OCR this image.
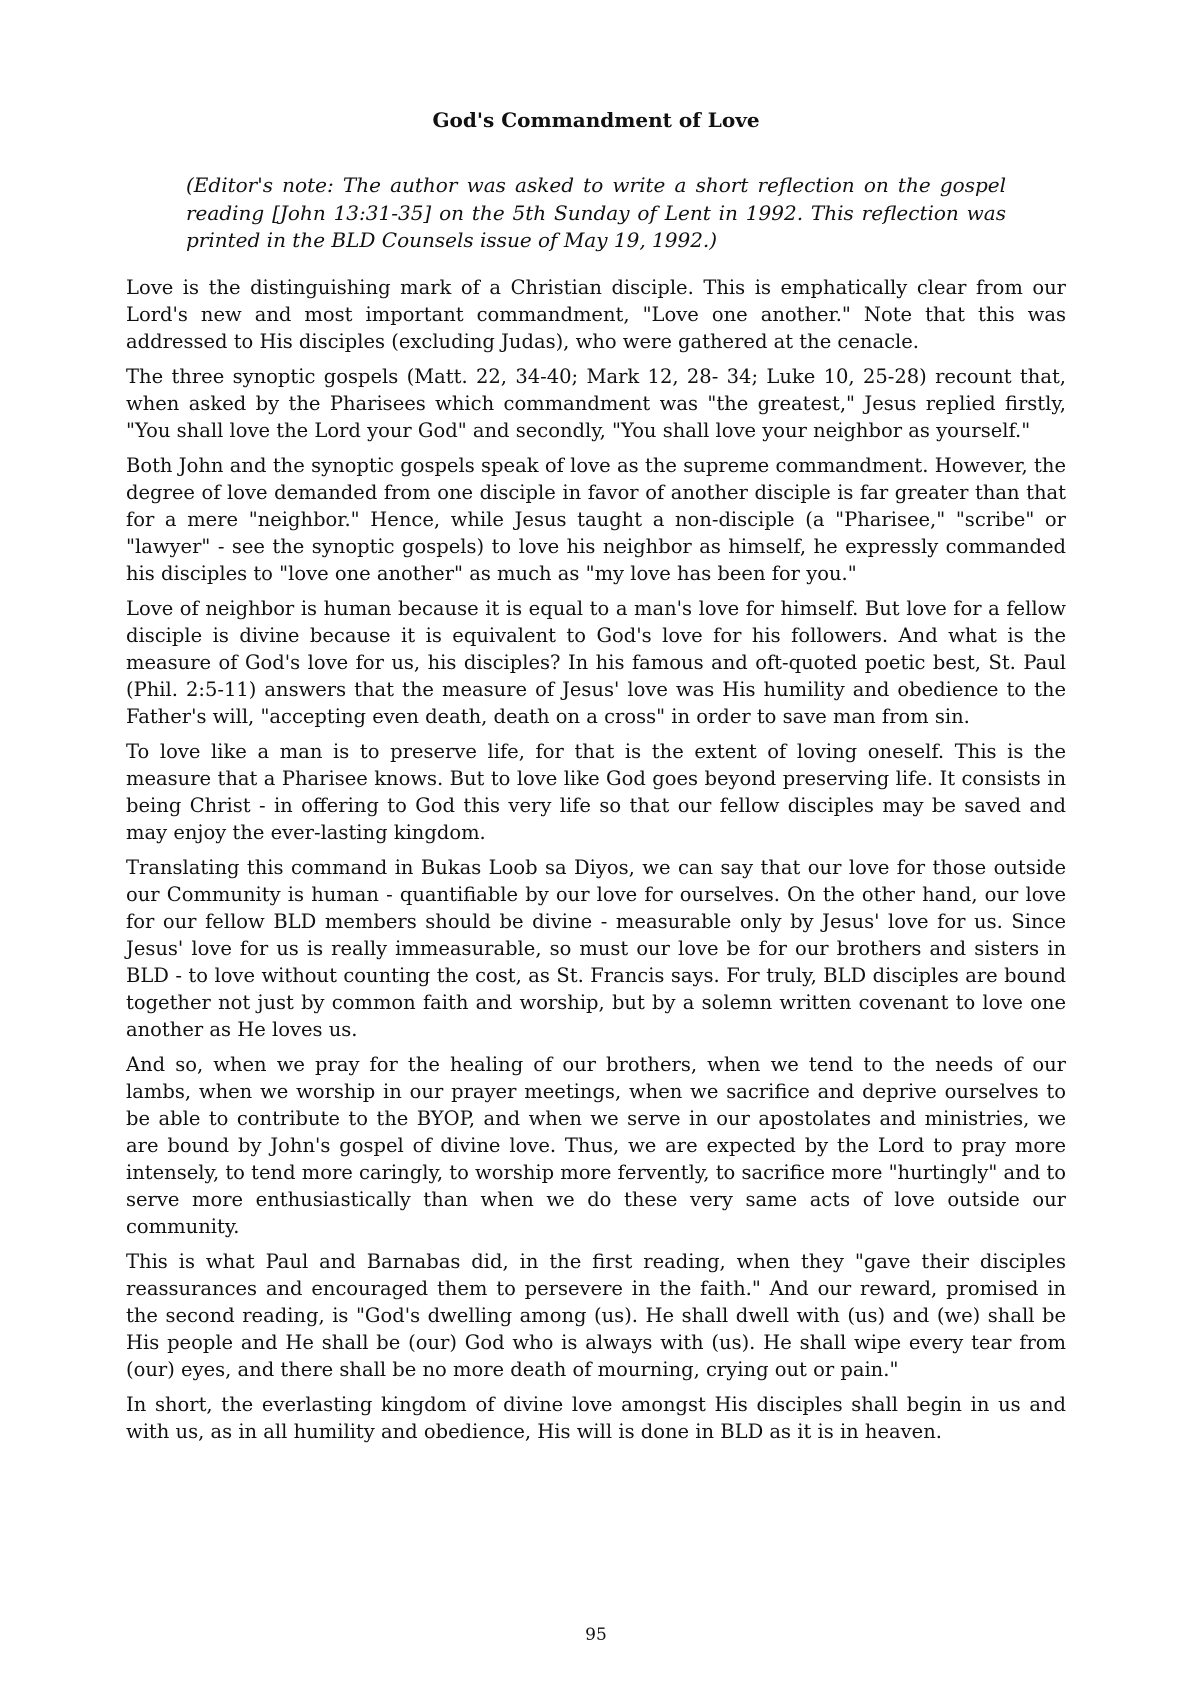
God's Commandment of Love

(Editor's note: The author was asked to write a short reflection on the gospel reading [John 13:31-35] on the 5th Sunday of Lent in 1992. This reflection was printed in the BLD Counsels issue of May 19, 1992.)

Love is the distinguishing mark of a Christian disciple. This is emphatically clear from our Lord's new and most important commandment, "Love one another." Note that this was addressed to His disciples (excluding Judas), who were gathered at the cenacle.

The three synoptic gospels (Matt. 22, 34-40; Mark 12, 28- 34; Luke 10, 25-28) recount that, when asked by the Pharisees which commandment was "the greatest," Jesus replied firstly, "You shall love the Lord your God" and secondly, "You shall love your neighbor as yourself."

Both John and the synoptic gospels speak of love as the supreme commandment. However, the degree of love demanded from one disciple in favor of another disciple is far greater than that for a mere "neighbor." Hence, while Jesus taught a non-disciple (a "Pharisee," "scribe" or "lawyer" - see the synoptic gospels) to love his neighbor as himself, he expressly commanded his disciples to "love one another" as much as "my love has been for you."

Love of neighbor is human because it is equal to a man's love for himself. But love for a fellow disciple is divine because it is equivalent to God's love for his followers. And what is the measure of God's love for us, his disciples? In his famous and oft-quoted poetic best, St. Paul (Phil. 2:5-11) answers that the measure of Jesus' love was His humility and obedience to the Father's will, "accepting even death, death on a cross" in order to save man from sin.

To love like a man is to preserve life, for that is the extent of loving oneself. This is the measure that a Pharisee knows. But to love like God goes beyond preserving life. It consists in being Christ - in offering to God this very life so that our fellow disciples may be saved and may enjoy the ever-lasting kingdom.

Translating this command in Bukas Loob sa Diyos, we can say that our love for those outside our Community is human - quantifiable by our love for ourselves. On the other hand, our love for our fellow BLD members should be divine - measurable only by Jesus' love for us. Since Jesus' love for us is really immeasurable, so must our love be for our brothers and sisters in BLD - to love without counting the cost, as St. Francis says. For truly, BLD disciples are bound together not just by common faith and worship, but by a solemn written covenant to love one another as He loves us.

And so, when we pray for the healing of our brothers, when we tend to the needs of our lambs, when we worship in our prayer meetings, when we sacrifice and deprive ourselves to be able to contribute to the BYOP, and when we serve in our apostolates and ministries, we are bound by John's gospel of divine love. Thus, we are expected by the Lord to pray more intensely, to tend more caringly, to worship more fervently, to sacrifice more "hurtingly" and to serve more enthusiastically than when we do these very same acts of love outside our community.

This is what Paul and Barnabas did, in the first reading, when they "gave their disciples reassurances and encouraged them to persevere in the faith." And our reward, promised in the second reading, is "God's dwelling among (us). He shall dwell with (us) and (we) shall be His people and He shall be (our) God who is always with (us). He shall wipe every tear from (our) eyes, and there shall be no more death of mourning, crying out or pain."

In short, the everlasting kingdom of divine love amongst His disciples shall begin in us and with us, as in all humility and obedience, His will is done in BLD as it is in heaven.

95
